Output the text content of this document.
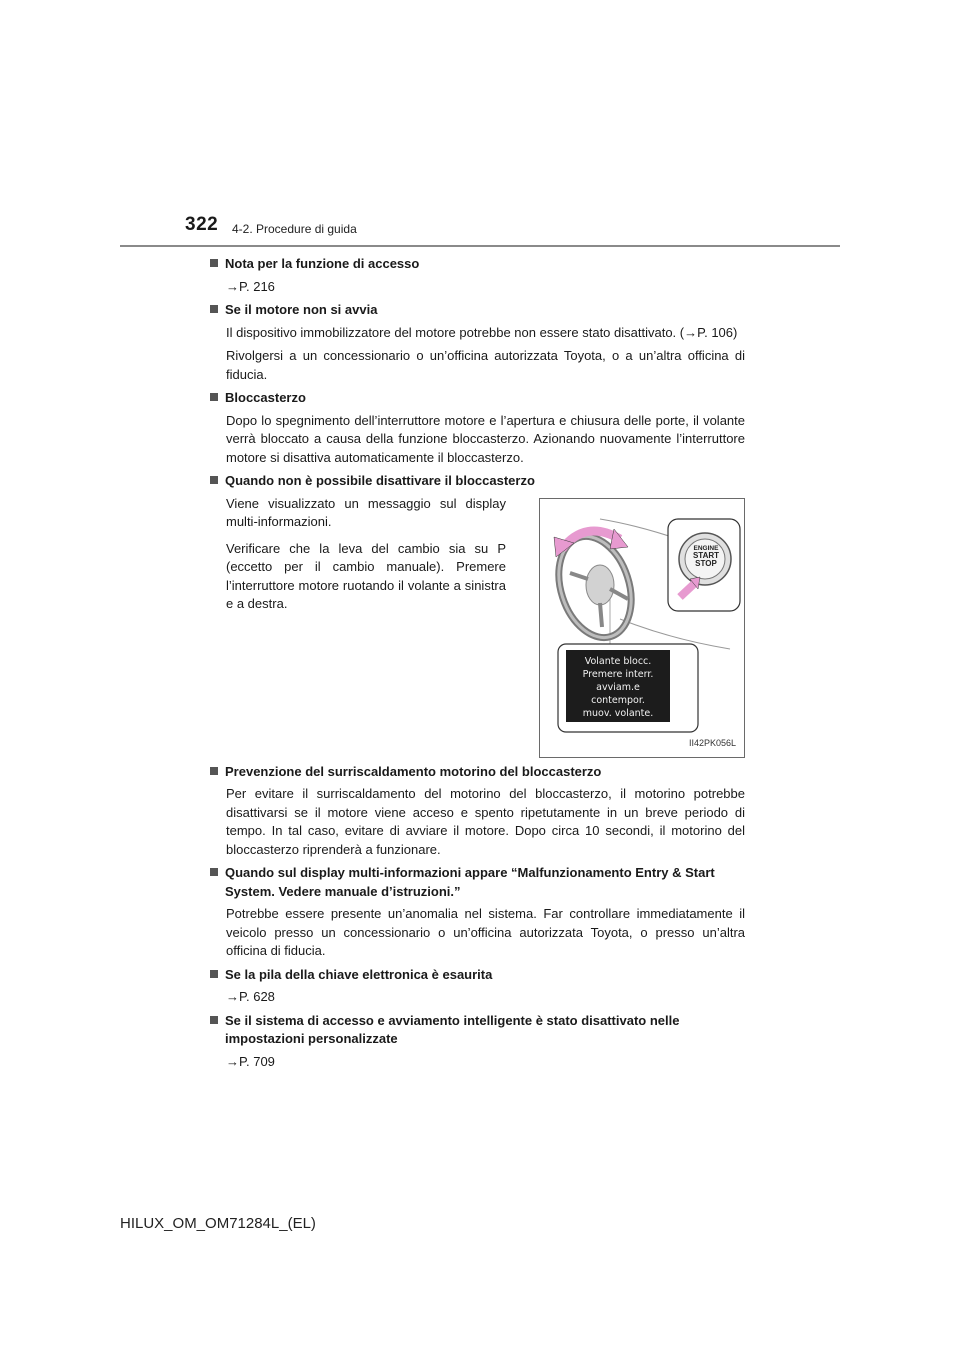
322 4-2. Procedure di guida
Nota per la funzione di accesso
→P. 216
Se il motore non si avvia

Il dispositivo immobilizzatore del motore potrebbe non essere stato disattivato. (→P. 106)

Rivolgersi a un concessionario o un’officina autorizzata Toyota, o a un’altra officina di fiducia.

Bloccasterzo

Dopo lo spegnimento dell’interruttore motore e l’apertura e chiusura delle porte, il volante verrà bloccato a causa della funzione bloccasterzo. Azionando nuovamente l’interruttore motore si disattiva automaticamente il bloccasterzo.

Quando non è possibile disattivare il bloccasterzo

Viene visualizzato un messaggio sul display multi-informazioni.

Verificare che la leva del cambio sia su P (eccetto per il cambio manuale). Premere l’interruttore motore ruotando il volante a sinistra e a destra.

ENGINE
START
STOP
Volante blocc.
Premere interr.
avviam.e
contempor.
muov. volante.
II42PK056L
Prevenzione del surriscaldamento motorino del bloccasterzo

Per evitare il surriscaldamento del motorino del bloccasterzo, il motorino potrebbe disattivarsi se il motore viene acceso e spento ripetutamente in un breve periodo di tempo. In tal caso, evitare di avviare il motore. Dopo circa 10 secondi, il motorino del bloccasterzo riprenderà a funzionare.

Quando sul display multi-informazioni appare “Malfunzionamento Entry & Start System. Vedere manuale d’istruzioni.”

Potrebbe essere presente un’anomalia nel sistema. Far controllare immediatamente il veicolo presso un concessionario o un’officina autorizzata Toyota, o presso un’altra officina di fiducia.

Se la pila della chiave elettronica è esaurita
→P. 628
Se il sistema di accesso e avviamento intelligente è stato disattivato nelle impostazioni personalizzate
→P. 709
HILUX_OM_OM71284L_(EL)
